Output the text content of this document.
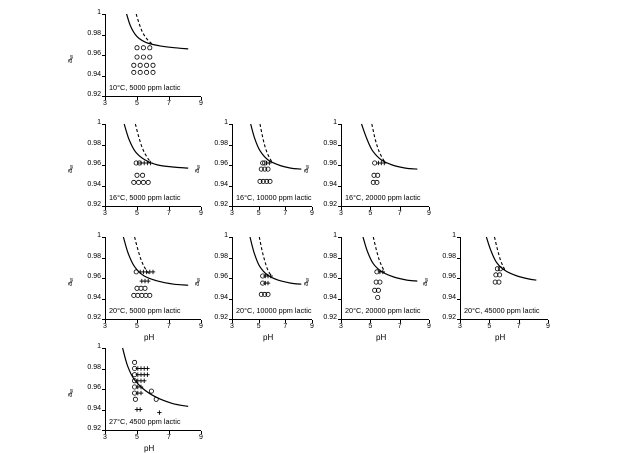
1
0.98
0.96
0.94
0.92
3	5	7	9
aw
10°C, 5000 ppm lactic
1
0.98
0.96
0.94
0.92
3	5	7	9
aw
16°C, 5000 ppm lactic
1
0.98
0.96
0.94
0.92
3	5	7	9
aw
16°C, 10000 ppm lactic
1
0.98
0.96
0.94
0.92
3	5	7	9
aw
16°C, 20000 ppm lactic
1
0.98
0.96
0.94
0.92
3	5	7	9
aw
pH
20°C, 5000 ppm lactic
1
0.98
0.96
0.94
0.92
3	5	7	9
aw
pH
20°C, 10000 ppm lactic
1
0.98
0.96
0.94
0.92
3	5	7	9
aw
pH
20°C, 20000 ppm lactic
1
0.98
0.96
0.94
0.92
3	5	7	9
aw
pH
20°C, 45000 ppm lactic
1
0.98
0.96
0.94
0.92
3	5	7	9
aw
pH
27°C, 4500 ppm lactic
